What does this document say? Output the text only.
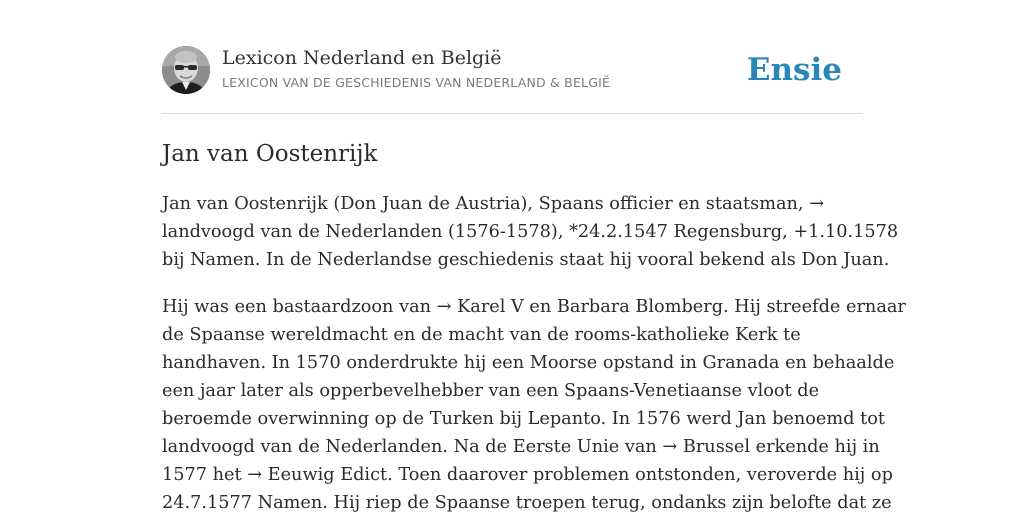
Lexicon Nederland en België
LEXICON VAN DE GESCHIEDENIS VAN NEDERLAND & BELGIË	Ensie
Jan van Oostenrijk

Jan van Oostenrijk (Don Juan de Austria), Spaans officier en staatsman, →
landvoogd van de Nederlanden (1576-1578), *24.2.1547 Regensburg, +1.10.1578
bij Namen. In de Nederlandse geschiedenis staat hij vooral bekend als Don Juan.

Hij was een bastaardzoon van → Karel V en Barbara Blomberg. Hij streefde ernaar
de Spaanse wereldmacht en de macht van de rooms-katholieke Kerk te
handhaven. In 1570 onderdrukte hij een Moorse opstand in Granada en behaalde
een jaar later als opperbevelhebber van een Spaans-Venetiaanse vloot de
beroemde overwinning op de Turken bij Lepanto. In 1576 werd Jan benoemd tot
landvoogd van de Nederlanden. Na de Eerste Unie van → Brussel erkende hij in
1577 het → Eeuwig Edict. Toen daarover problemen ontstonden, veroverde hij op
24.7.1577 Namen. Hij riep de Spaanse troepen terug, ondanks zijn belofte dat ze
